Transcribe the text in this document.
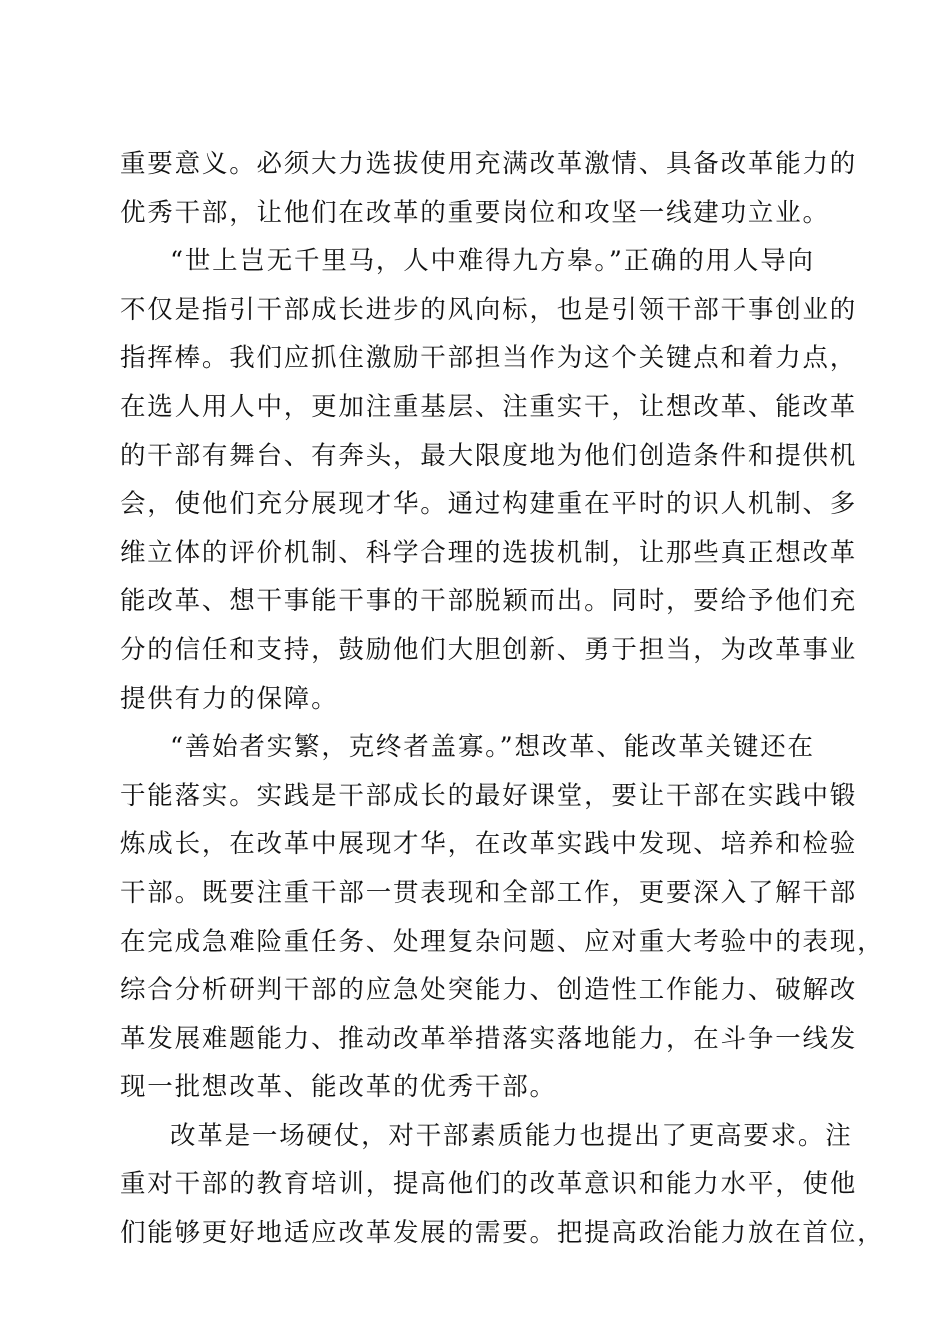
重要意义。必须大力选拔使用充满改革激情、具备改革能力的
优秀干部，让他们在改革的重要岗位和攻坚一线建功立业。
“世上岂无千里马，人中难得九方皋。”正确的用人导向
不仅是指引干部成长进步的风向标，也是引领干部干事创业的
指挥棒。我们应抓住激励干部担当作为这个关键点和着力点，
在选人用人中，更加注重基层、注重实干，让想改革、能改革
的干部有舞台、有奔头，最大限度地为他们创造条件和提供机
会，使他们充分展现才华。通过构建重在平时的识人机制、多
维立体的评价机制、科学合理的选拔机制，让那些真正想改革
能改革、想干事能干事的干部脱颖而出。同时，要给予他们充
分的信任和支持，鼓励他们大胆创新、勇于担当，为改革事业
提供有力的保障。
“善始者实繁，克终者盖寡。”想改革、能改革关键还在
于能落实。实践是干部成长的最好课堂，要让干部在实践中锻
炼成长，在改革中展现才华，在改革实践中发现、培养和检验
干部。既要注重干部一贯表现和全部工作，更要深入了解干部
在完成急难险重任务、处理复杂问题、应对重大考验中的表现，
综合分析研判干部的应急处突能力、创造性工作能力、破解改
革发展难题能力、推动改革举措落实落地能力，在斗争一线发
现一批想改革、能改革的优秀干部。
改革是一场硬仗，对干部素质能力也提出了更高要求。注
重对干部的教育培训，提高他们的改革意识和能力水平，使他
们能够更好地适应改革发展的需要。把提高政治能力放在首位，
